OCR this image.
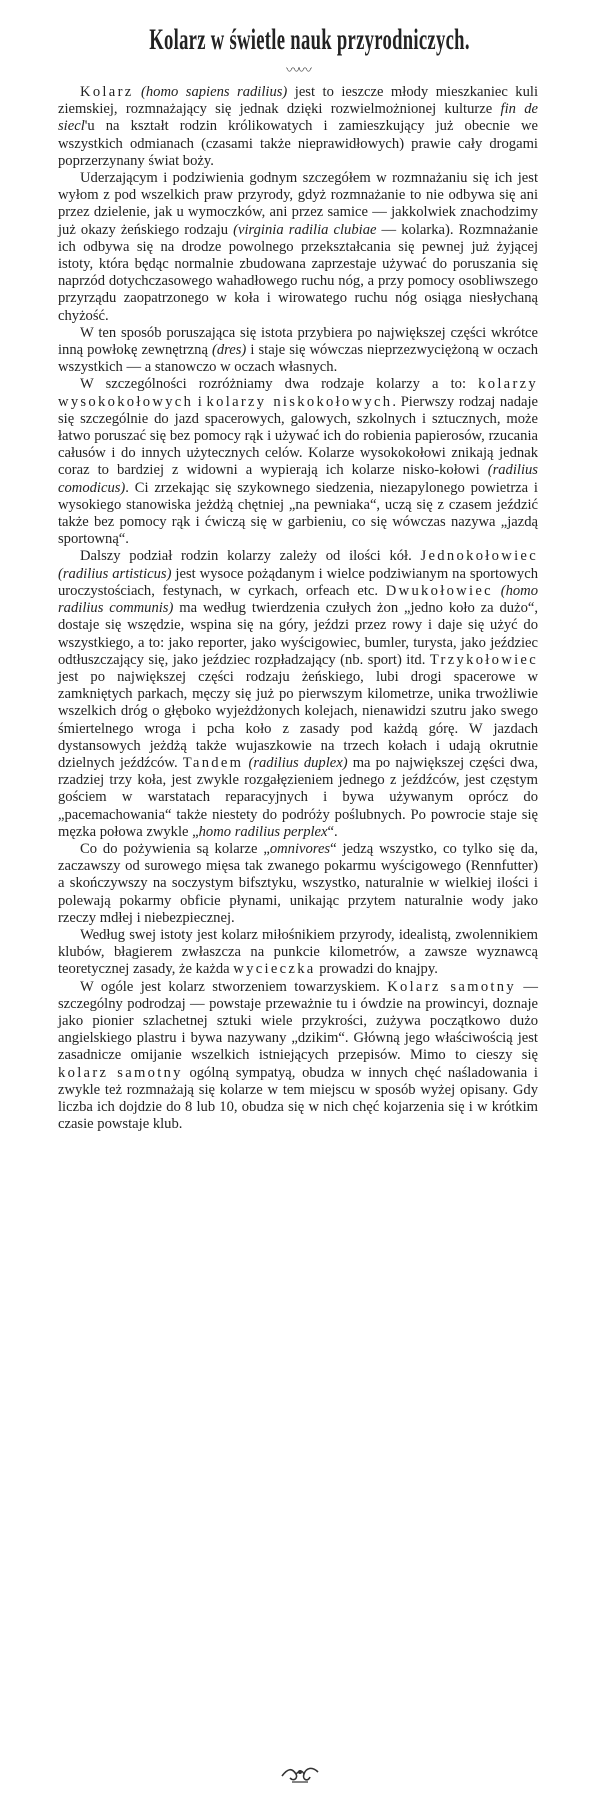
Kolarz w świetle nauk przyrodniczych.
〰〰

Kolarz (homo sapiens radilius) jest to ieszcze młody mieszkaniec kuli ziemskiej, rozmnażający się jednak dzięki rozwielmożnionej kulturze fin de siecl'u na kształt rodzin królikowatych i zamieszkujący już obecnie we wszystkich odmianach (czasami także nieprawidłowych) prawie cały drogami poprzerzynany świat boży.

Uderzającym i podziwienia godnym szczegółem w rozmnażaniu się ich jest wyłom z pod wszelkich praw przyrody, gdyż rozmnażanie to nie odbywa się ani przez dzielenie, jak u wymoczków, ani przez samice — jakkolwiek znachodzimy już okazy żeńskiego rodzaju (virginia radilia clubiae — kolarka). Rozmnażanie ich odbywa się na drodze powolnego przekształcania się pewnej już żyjącej istoty, która będąc normalnie zbudowana zaprzestaje używać do poruszania się naprzód dotychczasowego wahadłowego ruchu nóg, a przy pomocy osobliwszego przyrządu zaopatrzonego w koła i wirowatego ruchu nóg osiąga niesłychaną chyżość.

W ten sposób poruszająca się istota przybiera po największej części wkrótce inną powłokę zewnętrzną (dres) i staje się wówczas nieprzezwyciężoną w oczach wszystkich — a stanowczo w oczach własnych.

W szczególności rozróżniamy dwa rodzaje kolarzy a to: kolarzy wysokokołowych i kolarzy niskokołowych. Pierwszy rodzaj nadaje się szczególnie do jazd spacerowych, galowych, szkolnych i sztucznych, może łatwo poruszać się bez pomocy rąk i używać ich do robienia papierosów, rzucania całusów i do innych użytecznych celów. Kolarze wysokokołowi znikają jednak coraz to bardziej z widowni a wypierają ich kolarze nisko-kołowi (radilius comodicus). Ci zrzekając się szykownego siedzenia, niezapylonego powietrza i wysokiego stanowiska jeżdżą chętniej „na pewniaka“, uczą się z czasem jeździć także bez pomocy rąk i ćwiczą się w garbieniu, co się wówczas nazywa „jazdą sportowną“.

Dalszy podział rodzin kolarzy zależy od ilości kół. Jednokołowiec (radilius artisticus) jest wysoce pożądanym i wielce podziwianym na sportowych uroczystościach, festynach, w cyrkach, orfeach etc. Dwukołowiec (homo radilius communis) ma według twierdzenia czułych żon „jedno koło za dużo“, dostaje się wszędzie, wspina się na góry, jeździ przez rowy i daje się użyć do wszystkiego, a to: jako reporter, jako wyścigowiec, bumler, turysta, jako jeździec odtłuszczający się, jako jeździec rozpładzający (nb. sport) itd. Trzykołowiec jest po największej części rodzaju żeńskiego, lubi drogi spacerowe w zamkniętych parkach, męczy się już po pierwszym kilometrze, unika trwożliwie wszelkich dróg o głęboko wyjeżdżonych kolejach, nienawidzi szutru jako swego śmiertelnego wroga i pcha koło z zasady pod każdą górę. W jazdach dystansowych jeżdżą także wujaszkowie na trzech kołach i udają okrutnie dzielnych jeźdźców. Tandem (radilius duplex) ma po największej części dwa, rzadziej trzy koła, jest zwykle rozgałęzieniem jednego z jeźdźców, jest częstym gościem w warstatach reparacyjnych i bywa używanym oprócz do „pacemachowania“ także niestety do podróży poślubnych. Po powrocie staje się męzka połowa zwykle „homo radilius perplex“.

Co do pożywienia są kolarze „omnivores“ jedzą wszystko, co tylko się da, zaczawszy od surowego mięsa tak zwanego pokarmu wyścigowego (Rennfutter) a skończywszy na soczystym bifsztyku, wszystko, naturalnie w wielkiej ilości i polewają pokarmy obficie płynami, unikając przytem naturalnie wody jako rzeczy mdłej i niebezpiecznej.

Według swej istoty jest kolarz miłośnikiem przyrody, idealistą, zwolennikiem klubów, błagierem zwłaszcza na punkcie kilometrów, a zawsze wyznawcą teoretycznej zasady, że każda wycieczka prowadzi do knajpy.

W ogóle jest kolarz stworzeniem towarzyskiem. Kolarz samotny — szczególny podrodzaj — powstaje przeważnie tu i ówdzie na prowincyi, doznaje jako pionier szlachetnej sztuki wiele przykrości, zużywa początkowo dużo angielskiego plastru i bywa nazywany „dzikim“. Główną jego właściwością jest zasadnicze omijanie wszelkich istniejących przepisów. Mimo to cieszy się kolarz samotny ogólną sympatyą, obudza w innych chęć naśladowania i zwykle też rozmnażają się kolarze w tem miejscu w sposób wyżej opisany. Gdy liczba ich dojdzie do 8 lub 10, obudza się w nich chęć kojarzenia się i w krótkim czasie powstaje klub.
